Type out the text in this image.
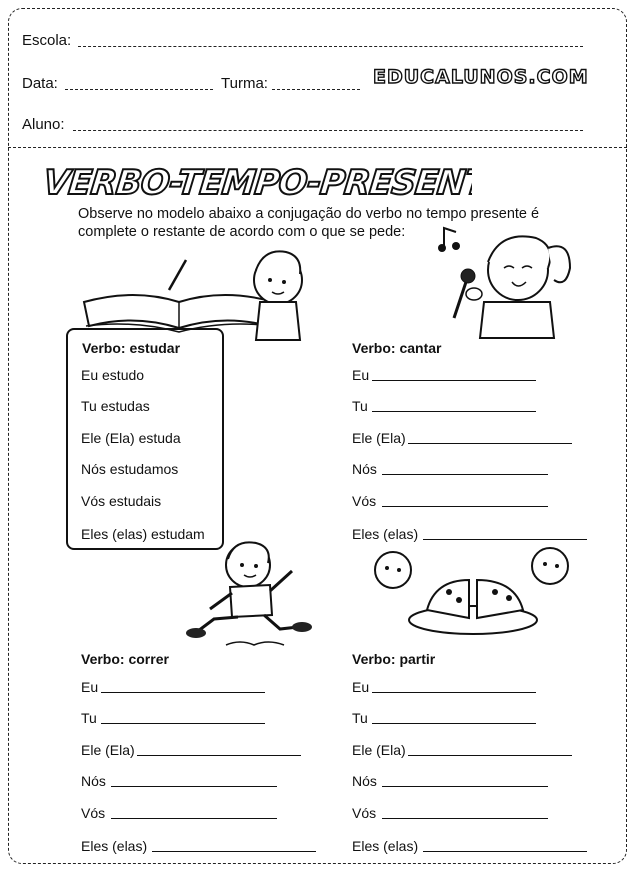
Escola:
Data:	Turma:	EDUCALUNOS.COM
Aluno:
VERBO-TEMPO-PRESENTE
Observe no modelo abaixo a conjugação do verbo no tempo presente é
complete o restante de acordo com o que se pede:
Verbo: estudar
Eu estudo
Tu estudas
Ele (Ela) estuda
Nós estudamos
Vós estudais
Eles (elas) estudam
Verbo: cantar
Eu
Tu
Ele (Ela)
Nós
Vós
Eles (elas)
Verbo: correr
Eu
Tu
Ele (Ela)
Nós
Vós
Eles (elas)
Verbo: partir
Eu
Tu
Ele (Ela)
Nós
Vós
Eles (elas)
